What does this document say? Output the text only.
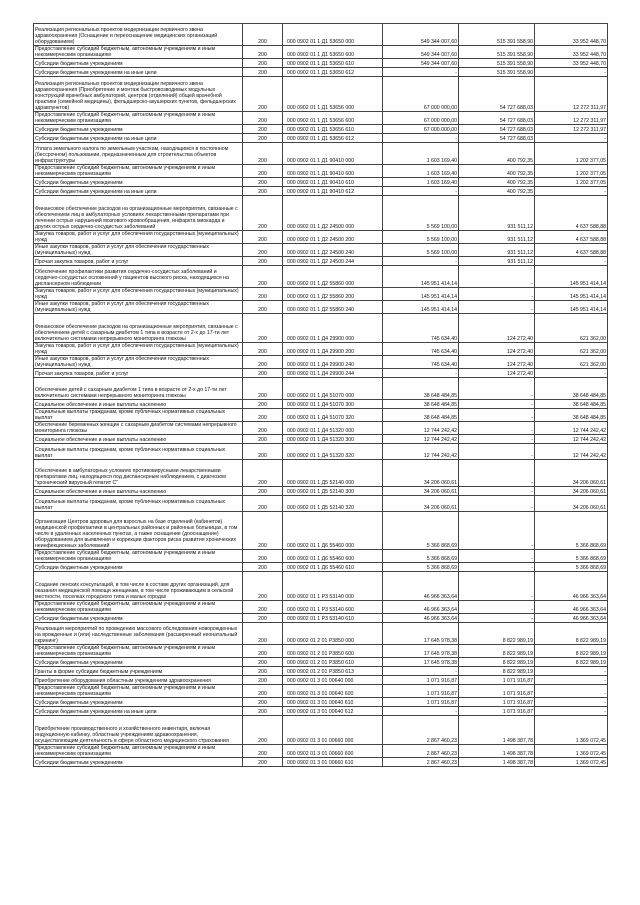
Реализация региональных проектов модернизации первичного звена здравоохранения (Оснащение и переоснащение медицинских организаций оборудованием)	200	000 0902 01 1 Д1 53650 000	549 344 007,60	515 391 558,90	33 952 448,70
Предоставление субсидий бюджетным, автономным учреждениям и иным некоммерческим организациям	200	000 0902 01 1 Д1 53650 600	549 344 007,60	515 391 558,90	33 952 448,70
Субсидии бюджетным учреждениям	200	000 0902 01 1 Д1 53650 610	549 344 007,60	515 391 558,90	33 952 448,70
Субсидии бюджетным учреждениям на иные цели	200	000 0902 01 1 Д1 53650 612	-	515 391 558,90	-
Реализация региональных проектов модернизации первичного звена здравоохранения (Приобретение и монтаж быстровозводимых модульных конструкций врачебных амбулаторий, центров (отделений) общей врачебной практики (семейной медицины), фельдшерско-акушерских пунктов, фельдшерских здравпунктов)	200	000 0902 01 1 Д1 53656 000	67 000 000,00	54 727 688,03	12 272 311,97
Предоставление субсидий бюджетным, автономным учреждениям и иным некоммерческим организациям	200	000 0902 01 1 Д1 53656 600	67 000 000,00	54 727 688,03	12 272 311,97
Субсидии бюджетным учреждениям	200	000 0902 01 1 Д1 53656 610	67 000 000,00	54 727 688,03	12 272 311,97
Субсидии бюджетным учреждениям на иные цели	200	000 0902 01 1 Д1 53656 612	-	54 727 688,03	-
Уплата земельного налога по земельным участкам, находящимся в постоянном (бессрочном) пользовании, предназначенным для строительства объектов инфраструктуры	200	000 0902 01 1 Д1 90410 000	1 603 169,40	400 792,35	1 202 377,05
Предоставление субсидий бюджетным, автономным учреждениям и иным некоммерческим организациям	200	000 0902 01 1 Д1 90410 600	1 603 169,40	400 792,35	1 202 377,05
Субсидии бюджетным учреждениям	200	000 0902 01 1 Д1 90410 610	1 603 169,40	400 792,35	1 202 377,05
Субсидии бюджетным учреждениям на иные цели	200	000 0902 01 1 Д1 90410 612	-	400 792,35	-
Финансовое обеспечение расходов на организационные мероприятия, связанные с обеспечением лиц в амбулаторных условиях лекарственными препаратами при лечении острых нарушений мозгового кровообращения, инфаркта миокарда и других острых сердечно-сосудистых заболеваний	200	000 0902 01 1 Д2 24500 000	5 569 100,00	931 511,12	4 637 588,88
Закупка товаров, работ и услуг для обеспечения государственных (муниципальных) нужд	200	000 0902 01 1 Д2 24500 200	5 569 100,00	931 511,12	4 637 588,88
Иные закупки товаров, работ и услуг для обеспечения государственных (муниципальных) нужд	200	000 0902 01 1 Д2 24500 240	5 569 100,00	931 511,12	4 637 588,88
Прочая закупка товаров, работ и услуг	200	000 0902 01 1 Д2 24500 244	-	931 511,12	-
Обеспечение профилактики развития сердечно-сосудистых заболеваний и сердечно-сосудистых осложнений у пациентов высокого риска, находящихся на диспансерном наблюдении	200	000 0902 01 1 Д2 55860 000	145 951 414,14	-	145 951 414,14
Закупка товаров, работ и услуг для обеспечения государственных (муниципальных) нужд	200	000 0902 01 1 Д2 55860 200	145 951 414,14	-	145 951 414,14
Иные закупки товаров, работ и услуг для обеспечения государственных (муниципальных) нужд	200	000 0902 01 1 Д2 55860 240	145 951 414,14	-	145 951 414,14
Финансовое обеспечение расходов на организационные мероприятия, связанные с обеспечением детей с сахарным диабетом 1 типа в возрасте от 2-х до 17-ти лет включительно системами непрерывного мониторинга глюкозы	200	000 0902 01 1 Д4 29900 000	745 634,40	124 272,40	621 362,00
Закупка товаров, работ и услуг для обеспечения государственных (муниципальных) нужд	200	000 0902 01 1 Д4 29900 200	745 634,40	124 272,40	621 362,00
Иные закупки товаров, работ и услуг для обеспечения государственных (муниципальных) нужд	200	000 0902 01 1 Д4 29900 240	745 634,40	124 272,40	621 362,00
Прочая закупка товаров, работ и услуг	200	000 0902 01 1 Д4 29900 244	-	124 272,40	-
Обеспечение детей с сахарным диабетом 1 типа в возрасте от 2-х до 17-ти лет включительно системами непрерывного мониторинга глюкозы	200	000 0902 01 1 Д4 51070 000	38 648 484,85	-	38 648 484,85
Социальное обеспечение и иные выплаты населению	200	000 0902 01 1 Д4 51070 300	38 648 484,85	-	38 648 484,85
Социальные выплаты гражданам, кроме публичных нормативных социальных выплат	200	000 0902 01 1 Д4 51070 320	38 648 484,85	-	38 648 484,85
Обеспечение беременных женщин с сахарным диабетом системами непрерывного мониторинга глюкозы	200	000 0902 01 1 Д4 51320 000	12 744 242,42	-	12 744 242,42
Социальное обеспечение и иные выплаты населению	200	000 0902 01 1 Д4 51320 300	12 744 242,42	-	12 744 242,42
Социальные выплаты гражданам, кроме публичных нормативных социальных выплат	200	000 0902 01 1 Д4 51320 320	12 744 242,42	-	12 744 242,42
Обеспечение в амбулаторных условиях противовирусными лекарственными препаратами лиц, находящихся под диспансерным наблюдением, с диагнозом "хронический вирусный гепатит С"	200	000 0902 01 1 Д5 52140 000	34 206 060,61	-	34 206 060,61
Социальное обеспечение и иные выплаты населению	200	000 0902 01 1 Д5 52140 300	34 206 060,61	-	34 206 060,61
Социальные выплаты гражданам, кроме публичных нормативных социальных выплат	200	000 0902 01 1 Д5 52140 320	34 206 060,61	-	34 206 060,61
Организация Центров здоровья для взрослых на базе отделений (кабинетов) медицинской профилактики в центральных районных и районных больницах, в том числе в удаленных населенных пунктах, а также оснащение (дооснащение) оборудованием для выявления и коррекции факторов риска развития хронических неинфекционных заболеваний	200	000 0902 01 1 Д6 55460 000	5 366 868,69	-	5 366 868,69
Предоставление субсидий бюджетным, автономным учреждениям и иным некоммерческим организациям	200	000 0902 01 1 Д6 55460 600	5 366 868,69	-	5 366 868,69
Субсидии бюджетным учреждениям	200	000 0902 01 1 Д6 55460 610	5 366 868,69	-	5 366 868,69
Создание ленских консультаций, в том числе в составе других организаций, для оказания медицинской помощи женщинам, в том числе проживающим в сельской местности, поселках городского типа и малых городах	200	000 0902 01 1 Р3 53140 000	46 966 363,64	-	46 966 363,64
Предоставление субсидий бюджетным, автономным учреждениям и иным некоммерческим организациям	200	000 0902 01 1 Р3 53140 600	46 966 363,64	-	46 966 363,64
Субсидии бюджетным учреждениям	200	000 0902 01 1 Р3 53140 610	46 966 363,64	-	46 966 363,64
Реализация мероприятий по проведению массового обследования новорожденных на врожденные и (или) наследственные заболевания (расширенный неонатальный скрининг)	200	000 0902 01 2 01 Р3850 000	17 645 978,38	8 822 989,19	8 822 989,19
Предоставление субсидий бюджетным, автономным учреждениям и иным некоммерческим организациям	200	000 0902 01 2 01 Р3850 600	17 645 978,38	8 822 989,19	8 822 989,19
Субсидии бюджетным учреждениям	200	000 0902 01 2 01 Р3850 610	17 645 978,38	8 822 989,19	8 822 989,19
Гранты в форме субсидии бюджетным учреждениям	200	000 0902 01 2 01 Р3850 613	-	8 822 989,19	-
Приобретение оборудования областным учреждениям здравоохранения	200	000 0902 01 3 01 00640 000	1 071 916,87	1 071 916,87	-
Предоставление субсидий бюджетным, автономным учреждениям и иным некоммерческим организациям	200	000 0902 01 3 01 00640 600	1 071 916,87	1 071 916,87	-
Субсидии бюджетным учреждениям	200	000 0902 01 3 01 00640 610	1 071 916,87	1 071 916,87	-
Субсидии бюджетным учреждениям на иные цели	200	000 0902 01 3 01 00640 612	-	1 071 916,87	-
Приобретение производственного и хозяйственного инвентаря, включая индукционную кабинку, областным учреждениям здравоохранения, осуществляющим деятельность в сфере областного медицинского страхования	200	000 0902 01 3 01 00660 000	2 867 460,23	1 498 387,78	1 369 072,45
Предоставление субсидий бюджетным, автономным учреждениям и иным некоммерческим организациям	200	000 0902 01 3 01 00660 600	2 867 460,23	1 498 387,78	1 369 072,45
Субсидии бюджетным учреждениям	200	000 0902 01 3 01 00660 610	2 867 460,23	1 498 387,78	1 369 072,45
